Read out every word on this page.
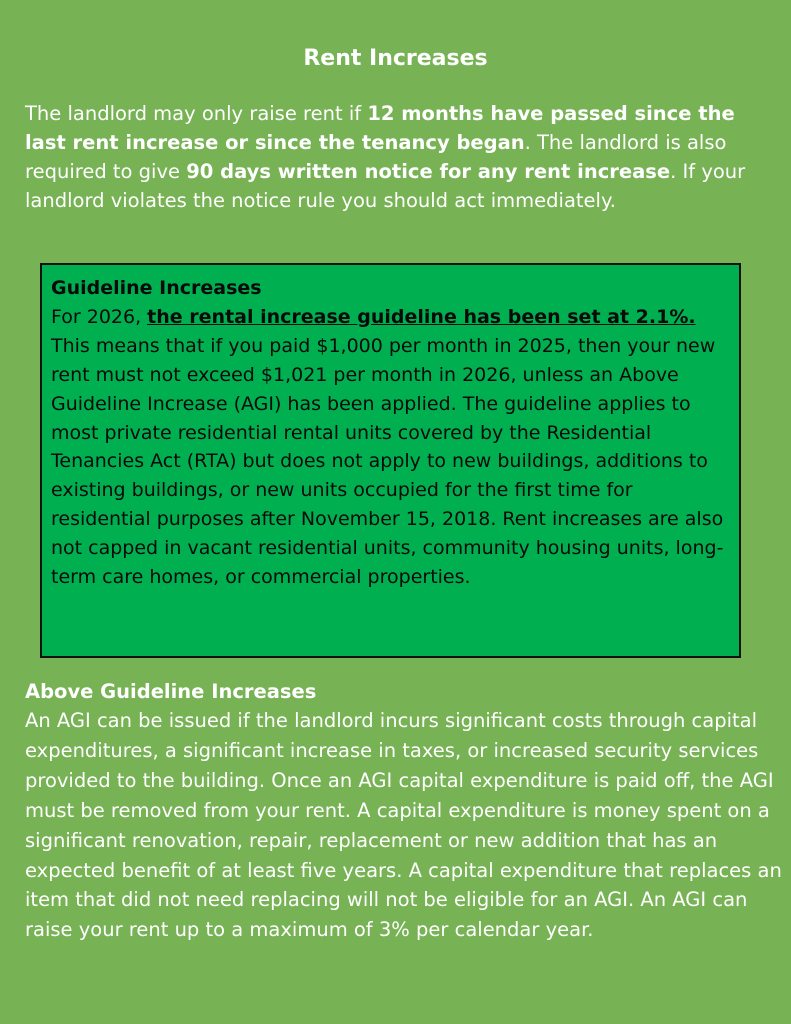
Rent Increases
The landlord may only raise rent if 12 months have passed since the last rent increase or since the tenancy began. The landlord is also required to give 90 days written notice for any rent increase. If your landlord violates the notice rule you should act immediately.
Guideline Increases
For 2026, the rental increase guideline has been set at 2.1%. This means that if you paid $1,000 per month in 2025, then your new rent must not exceed $1,021 per month in 2026, unless an Above Guideline Increase (AGI) has been applied. The guideline applies to most private residential rental units covered by the Residential Tenancies Act (RTA) but does not apply to new buildings, additions to existing buildings, or new units occupied for the first time for residential purposes after November 15, 2018. Rent increases are also not capped in vacant residential units, community housing units, long-term care homes, or commercial properties.
Above Guideline Increases
An AGI can be issued if the landlord incurs significant costs through capital expenditures, a significant increase in taxes, or increased security services provided to the building. Once an AGI capital expenditure is paid off, the AGI must be removed from your rent. A capital expenditure is money spent on a significant renovation, repair, replacement or new addition that has an expected benefit of at least five years. A capital expenditure that replaces an item that did not need replacing will not be eligible for an AGI. An AGI can raise your rent up to a maximum of 3% per calendar year.
